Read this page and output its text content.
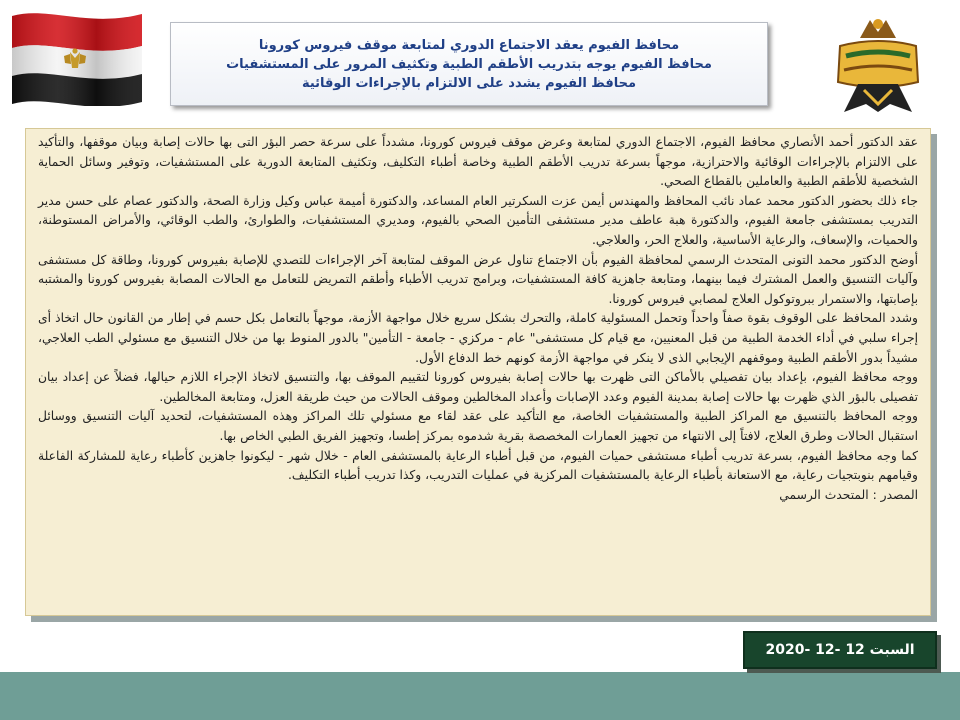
محافظ الفيوم يعقد الاجتماع الدوري لمتابعة موقف فيروس كورونا
محافظ الفيوم يوجه بتدريب الأطقم الطبية وتكثيف المرور على المستشفيات
محافظ الفيوم يشدد على الالتزام بالإجراءات الوقائية

عقد الدكتور أحمد الأنصاري محافظ الفيوم، الاجتماع الدوري لمتابعة وعرض موقف فيروس كورونا، مشدداً على سرعة حصر البؤر التى بها حالات إصابة وبيان موقفها، والتأكيد على الالتزام بالإجراءات الوقائية والاحترازية، موجهاً بسرعة تدريب الأطقم الطبية وخاصة أطباء التكليف، وتكثيف المتابعة الدورية على المستشفيات، وتوفير وسائل الحماية الشخصية للأطقم الطبية والعاملين بالقطاع الصحي.

جاء ذلك بحضور الدكتور محمد عماد نائب المحافظ والمهندس أيمن عزت السكرتير العام المساعد، والدكتورة أميمة عباس وكيل وزارة الصحة، والدكتور عصام على حسن مدير التدريب بمستشفى جامعة الفيوم، والدكتورة هبة عاطف مدير مستشفى التأمين الصحي بالفيوم، ومديري المستشفيات، والطوارئ، والطب الوقائي، والأمراض المستوطنة، والحميات، والإسعاف، والرعاية الأساسية، والعلاج الحر، والعلاجي.

أوضح الدكتور محمد التونى المتحدث الرسمي لمحافظة الفيوم بأن الاجتماع تناول عرض الموقف لمتابعة آخر الإجراءات للتصدي للإصابة بفيروس كورونا، وطاقة كل مستشفى وآليات التنسيق والعمل المشترك فيما بينهما، ومتابعة جاهزية كافة المستشفيات، وبرامج تدريب الأطباء وأطقم التمريض للتعامل مع الحالات المصابة بفيروس كورونا والمشتبه بإصابتها، والاستمرار ببروتوكول العلاج لمصابي فيروس كورونا.

وشدد المحافظ على الوقوف بقوة صفاً واحداً وتحمل المسئولية كاملة، والتحرك بشكل سريع خلال مواجهة الأزمة، موجهاً بالتعامل بكل حسم في إطار من القانون حال اتخاذ أى إجراء سلبي في أداء الخدمة الطبية من قبل المعنيين، مع قيام كل مستشفى" عام - مركزي - جامعة - التأمين" بالدور المنوط بها من خلال التنسيق مع مسئولي الطب العلاجي، مشيداً بدور الأطقم الطبية وموقفهم الإيجابي الذى لا ينكر في مواجهة الأزمة كونهم خط الدفاع الأول.

ووجه محافظ الفيوم، بإعداد بيان تفصيلي بالأماكن التى ظهرت بها حالات إصابة بفيروس كورونا لتقييم الموقف بها، والتنسيق لاتخاذ الإجراء اللازم حيالها، فضلاً عن إعداد بيان تفصيلى بالبؤر الذي ظهرت بها حالات إصابة بمدينة الفيوم وعدد الإصابات وأعداد المخالطين وموقف الحالات من حيث طريقة العزل، ومتابعة المخالطين.

ووجه المحافظ بالتنسيق مع المراكز الطبية والمستشفيات الخاصة، مع التأكيد على عقد لقاء مع مسئولي تلك المراكز وهذه المستشفيات، لتحديد آليات التنسيق ووسائل استقبال الحالات وطرق العلاج، لافتاً إلى الانتهاء من تجهيز العمارات المخصصة بقرية شدموه بمركز إطسا، وتجهيز الفريق الطبي الخاص بها.

كما وجه محافظ الفيوم، بسرعة تدريب أطباء مستشفى حميات الفيوم، من قبل أطباء الرعاية بالمستشفى العام - خلال شهر - ليكونوا جاهزين كأطباء رعاية للمشاركة الفاعلة وقيامهم بنوبتجيات رعاية، مع الاستعانة بأطباء الرعاية بالمستشفيات المركزية في عمليات التدريب، وكذا تدريب أطباء التكليف.

المصدر : المتحدث الرسمي

السبت 12 -12 -2020
